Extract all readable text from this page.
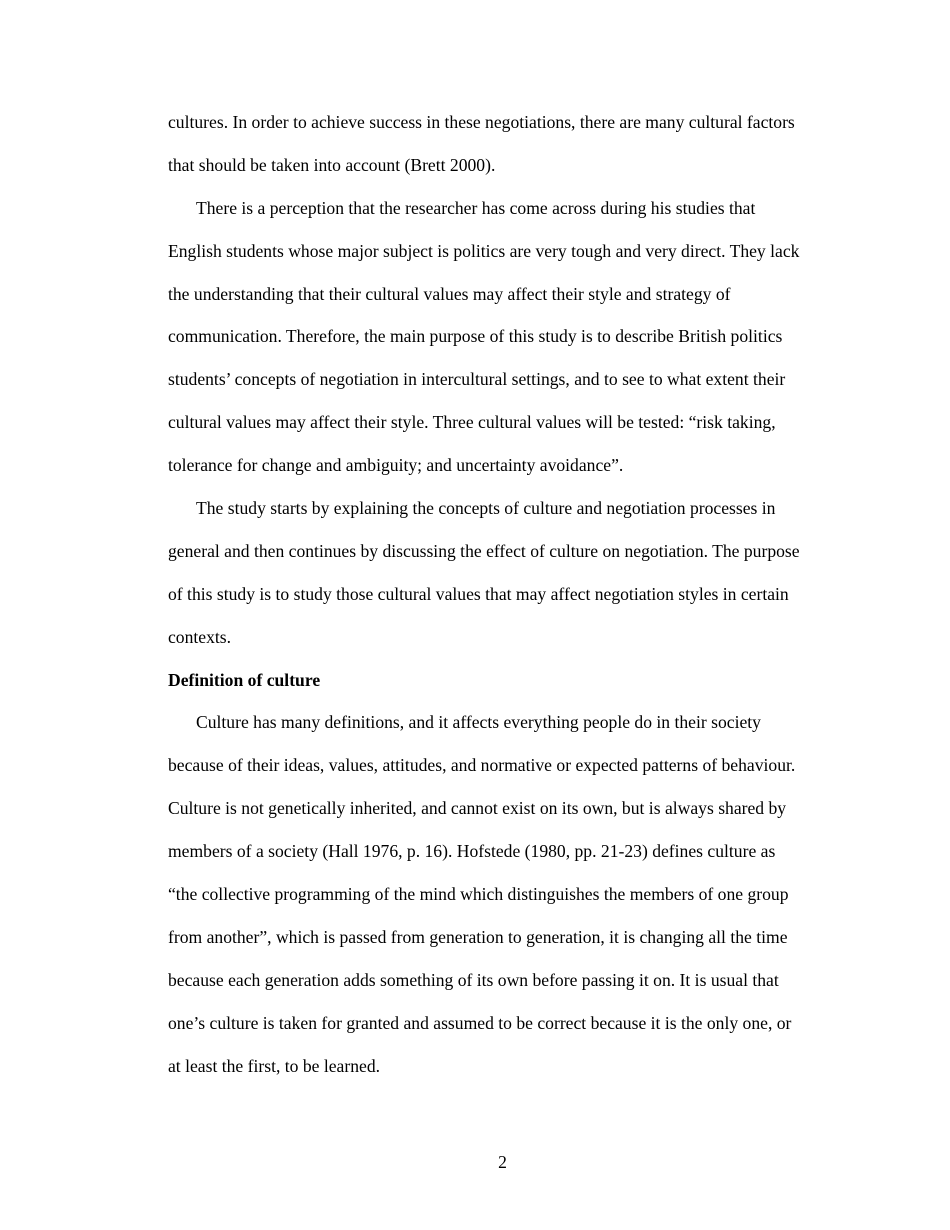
cultures. In order to achieve success in these negotiations, there are many cultural factors
that should be taken into account (Brett 2000).
There is a perception that the researcher has come across during his studies that
English students whose major subject is politics are very tough and very direct. They lack
the understanding that their cultural values may affect their style and strategy of
communication. Therefore, the main purpose of this study is to describe British politics
students’ concepts of negotiation in intercultural settings, and to see to what extent their
cultural values may affect their style. Three cultural values will be tested: “risk taking,
tolerance for change and ambiguity; and uncertainty avoidance”.
The study starts by explaining the concepts of culture and negotiation processes in
general and then continues by discussing the effect of culture on negotiation. The purpose
of this study is to study those cultural values that may affect negotiation styles in certain
contexts.
Definition of culture
Culture has many definitions, and it affects everything people do in their society
because of their ideas, values, attitudes, and normative or expected patterns of behaviour.
Culture is not genetically inherited, and cannot exist on its own, but is always shared by
members of a society (Hall 1976, p. 16). Hofstede (1980, pp. 21-23) defines culture as
“the collective programming of the mind which distinguishes the members of one group
from another”, which is passed from generation to generation, it is changing all the time
because each generation adds something of its own before passing it on. It is usual that
one’s culture is taken for granted and assumed to be correct because it is the only one, or
at least the first, to be learned.
2
